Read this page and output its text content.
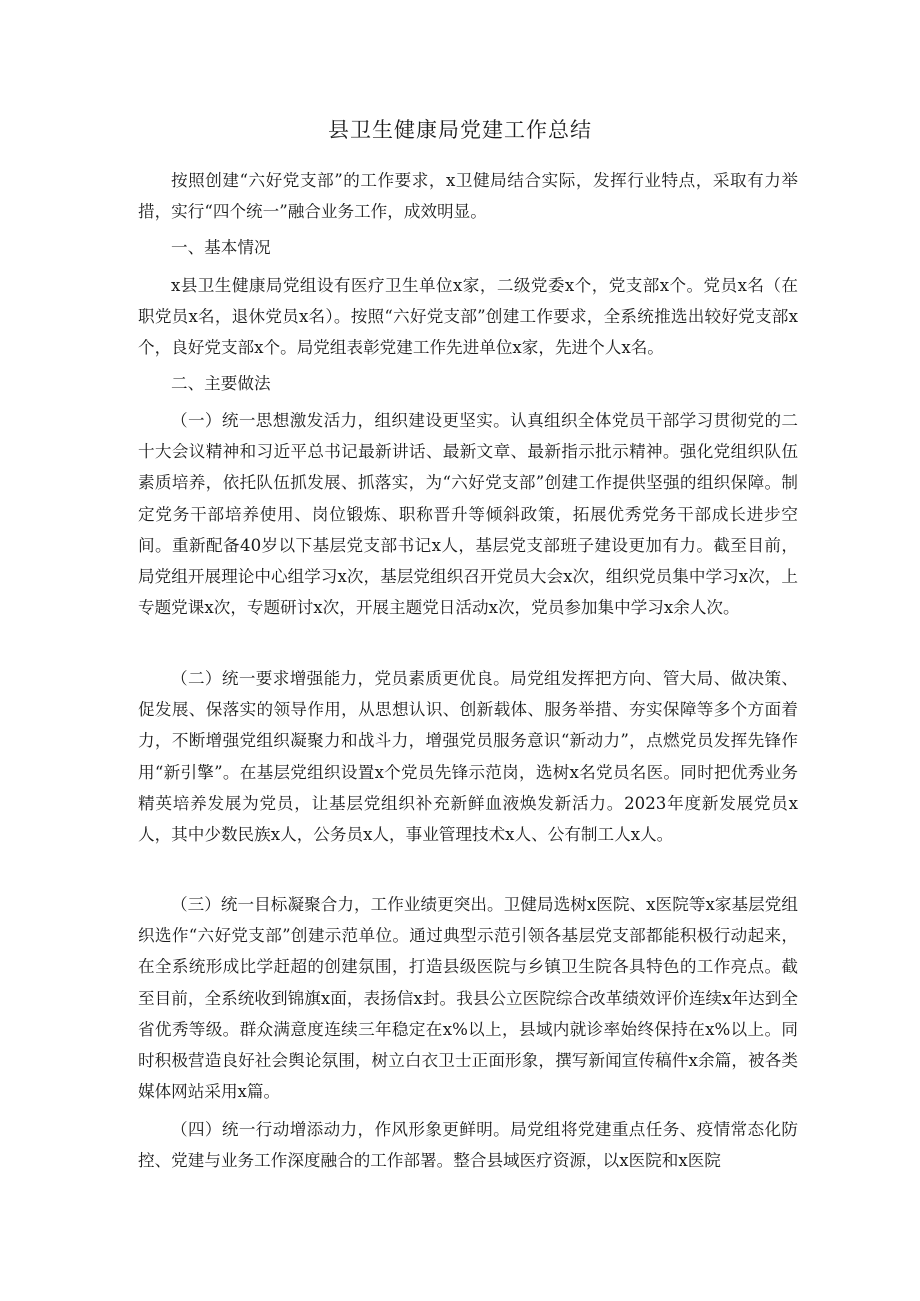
县卫生健康局党建工作总结
按照创建“六好党支部”的工作要求，x卫健局结合实际，发挥行业特点，采取有力举措，实行“四个统一”融合业务工作，成效明显。
一、基本情况
x县卫生健康局党组设有医疗卫生单位x家，二级党委x个，党支部x个。党员x名（在职党员x名，退休党员x名）。按照“六好党支部”创建工作要求，全系统推选出较好党支部x个，良好党支部x个。局党组表彰党建工作先进单位x家，先进个人x名。
二、主要做法
（一）统一思想激发活力，组织建设更坚实。认真组织全体党员干部学习贯彻党的二十大会议精神和习近平总书记最新讲话、最新文章、最新指示批示精神。强化党组织队伍素质培养，依托队伍抓发展、抓落实，为“六好党支部”创建工作提供坚强的组织保障。制定党务干部培养使用、岗位锻炼、职称晋升等倾斜政策，拓展优秀党务干部成长进步空间。重新配备40岁以下基层党支部书记x人，基层党支部班子建设更加有力。截至目前，局党组开展理论中心组学习x次，基层党组织召开党员大会x次，组织党员集中学习x次，上专题党课x次，专题研讨x次，开展主题党日活动x次，党员参加集中学习x余人次。
（二）统一要求增强能力，党员素质更优良。局党组发挥把方向、管大局、做决策、促发展、保落实的领导作用，从思想认识、创新载体、服务举措、夯实保障等多个方面着力，不断增强党组织凝聚力和战斗力，增强党员服务意识“新动力”，点燃党员发挥先锋作用“新引擎”。在基层党组织设置x个党员先锋示范岗，选树x名党员名医。同时把优秀业务精英培养发展为党员，让基层党组织补充新鲜血液焕发新活力。2023年度新发展党员x人，其中少数民族x人，公务员x人，事业管理技术x人、公有制工人x人。
（三）统一目标凝聚合力，工作业绩更突出。卫健局选树x医院、x医院等x家基层党组织选作“六好党支部”创建示范单位。通过典型示范引领各基层党支部都能积极行动起来，在全系统形成比学赶超的创建氛围，打造县级医院与乡镇卫生院各具特色的工作亮点。截至目前，全系统收到锦旗x面，表扬信x封。我县公立医院综合改革绩效评价连续x年达到全省优秀等级。群众满意度连续三年稳定在x%以上，县域内就诊率始终保持在x%以上。同时积极营造良好社会舆论氛围，树立白衣卫士正面形象，撰写新闻宣传稿件x余篇，被各类媒体网站采用x篇。
（四）统一行动增添动力，作风形象更鲜明。局党组将党建重点任务、疫情常态化防控、党建与业务工作深度融合的工作部署。整合县域医疗资源，以x医院和x医院
